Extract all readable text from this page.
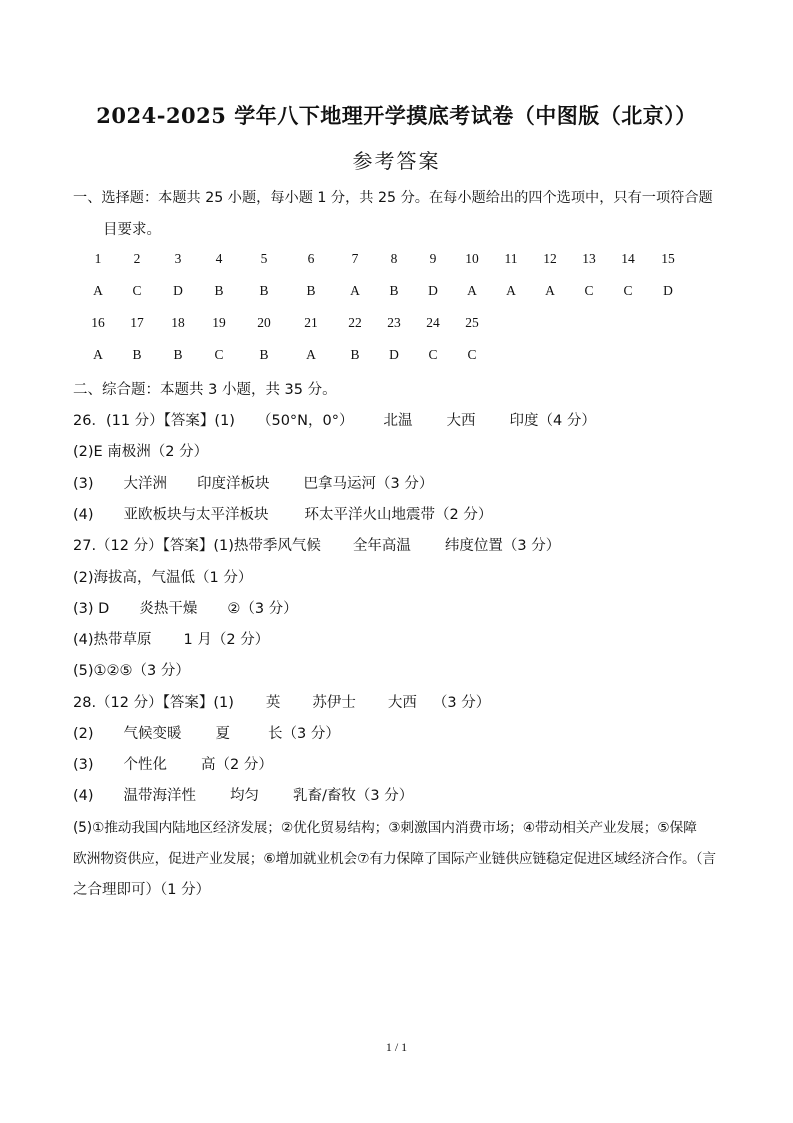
2024-2025 学年八下地理开学摸底考试卷（中图版（北京））
参考答案
一、选择题：本题共 25 小题，每小题 1 分，共 25 分。在每小题给出的四个选项中，只有一项符合题
目要求。
1	2	3	4	5	6	7	8	9	10	11	12	13	14	15
A	C	D	B	B	B	A	B	D	A	A	A	C	C	D
16	17	18	19	20	21	22	23	24	25
A	B	B	C	B	A	B	D	C	C
二、综合题：本题共 3 小题，共 35 分。
26．(11 分）【答案】(1) （50°N，0°） 北温 大西 印度（4 分）
(2)E 南极洲（2 分）
(3) 大洋洲 印度洋板块 巴拿马运河（3 分）
(4) 亚欧板块与太平洋板块 环太平洋火山地震带（2 分）
27.（12 分）【答案】(1)热带季风气候 全年高温 纬度位置（3 分）
(2)海拔高，气温低（1 分）
(3) D 炎热干燥 ②（3 分）
(4)热带草原 1 月（2 分）
(5)①②⑤（3 分）
28.（12 分）【答案】(1) 英 苏伊士 大西 （3 分）
(2) 气候变暖 夏	长（3 分）
(3) 个性化 高（2 分）
(4) 温带海洋性 均匀 乳畜/畜牧（3 分）
(5)①推动我国内陆地区经济发展；②优化贸易结构；③刺激国内消费市场；④带动相关产业发展；⑤保障
欧洲物资供应，促进产业发展；⑥增加就业机会⑦有力保障了国际产业链供应链稳定促进区域经济合作。（言
之合理即可）（1 分）
1 / 1
